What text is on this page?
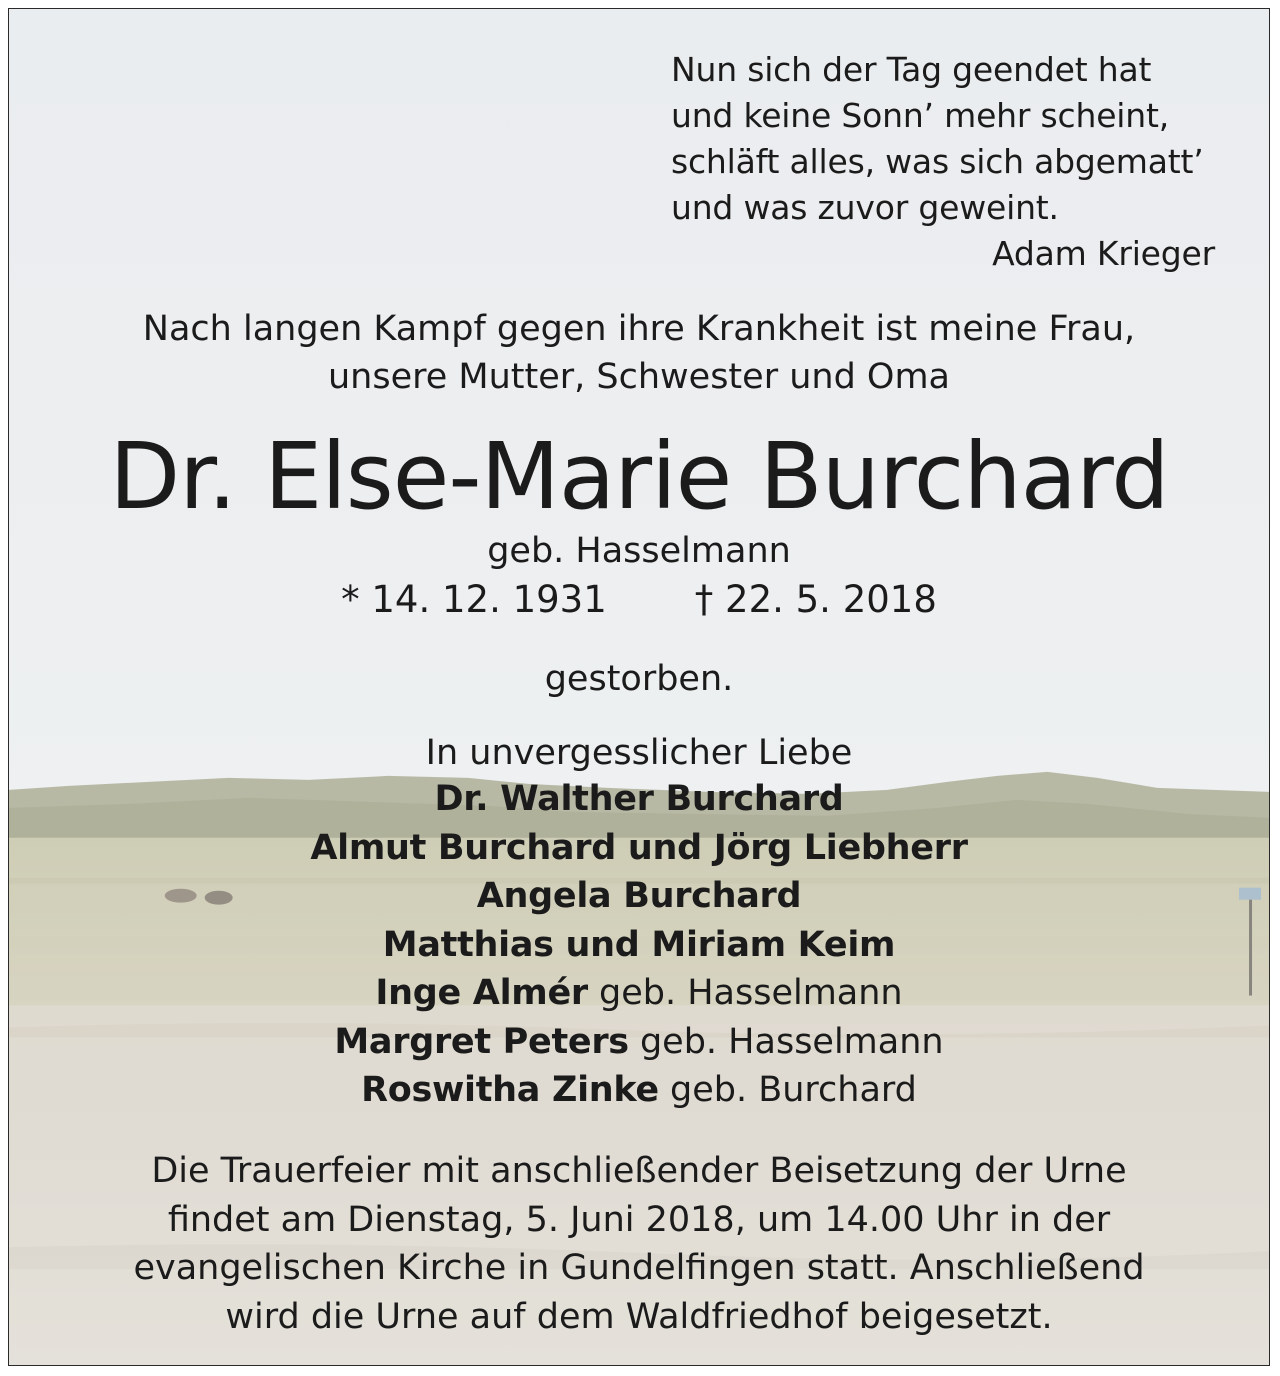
Nun sich der Tag geendet hat
und keine Sonn’ mehr scheint,
schläft alles, was sich abgematt’
und was zuvor geweint.
Adam Krieger
Nach langen Kampf gegen ihre Krankheit ist meine Frau,
unsere Mutter, Schwester und Oma
Dr. Else-Marie Burchard
geb. Hasselmann
* 14. 12. 1931 † 22. 5. 2018
gestorben.
In unvergesslicher Liebe
Dr. Walther Burchard
Almut Burchard und Jörg Liebherr
Angela Burchard
Matthias und Miriam Keim
Inge Almér geb. Hasselmann
Margret Peters geb. Hasselmann
Roswitha Zinke geb. Burchard
Die Trauerfeier mit anschließender Beisetzung der Urne
findet am Dienstag, 5. Juni 2018, um 14.00 Uhr in der
evangelischen Kirche in Gundelfingen statt. Anschließend
wird die Urne auf dem Waldfriedhof beigesetzt.
